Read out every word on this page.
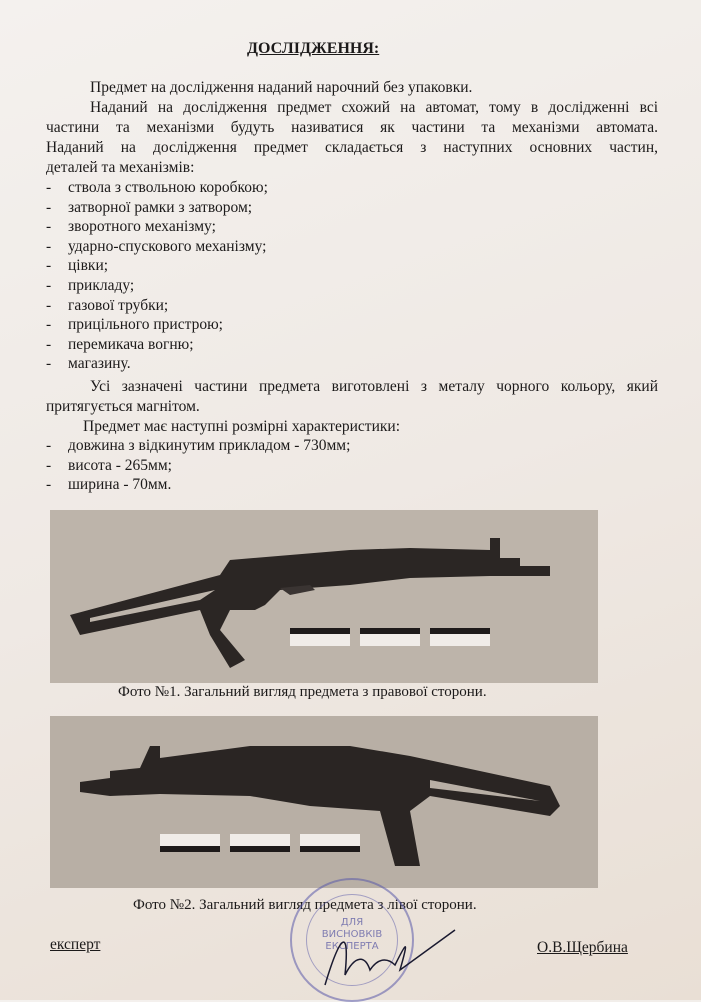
ДОСЛІДЖЕННЯ:
Предмет на дослідження наданий нарочний без упаковки.
Наданий на дослідження предмет схожий на автомат, тому в дослідженні всі
частини та механізми будуть називатися як частини та механізми автомата.
Наданий на дослідження предмет складається з наступних основних частин,
деталей та механізмів:
- ствола з ствольною коробкою;
- затворної рамки з затвором;
- зворотного механізму;
- ударно-спускового механізму;
- цівки;
- прикладу;
- газової трубки;
- прицільного пристрою;
- перемикача вогню;
- магазину.
Усі зазначені частини предмета виготовлені з металу чорного кольору, який
притягується магнітом.
Предмет має наступні розмірні характеристики:
- довжина з відкинутим прикладом - 730мм;
- висота - 265мм;
- ширина - 70мм.
Фото №1. Загальний вигляд предмета з правової сторони.
Фото №2. Загальний вигляд предмета з лівої сторони.
ДЛЯ
ВИСНОВКІВ
ЕКСПЕРТА
експерт	О.В.Щербина
